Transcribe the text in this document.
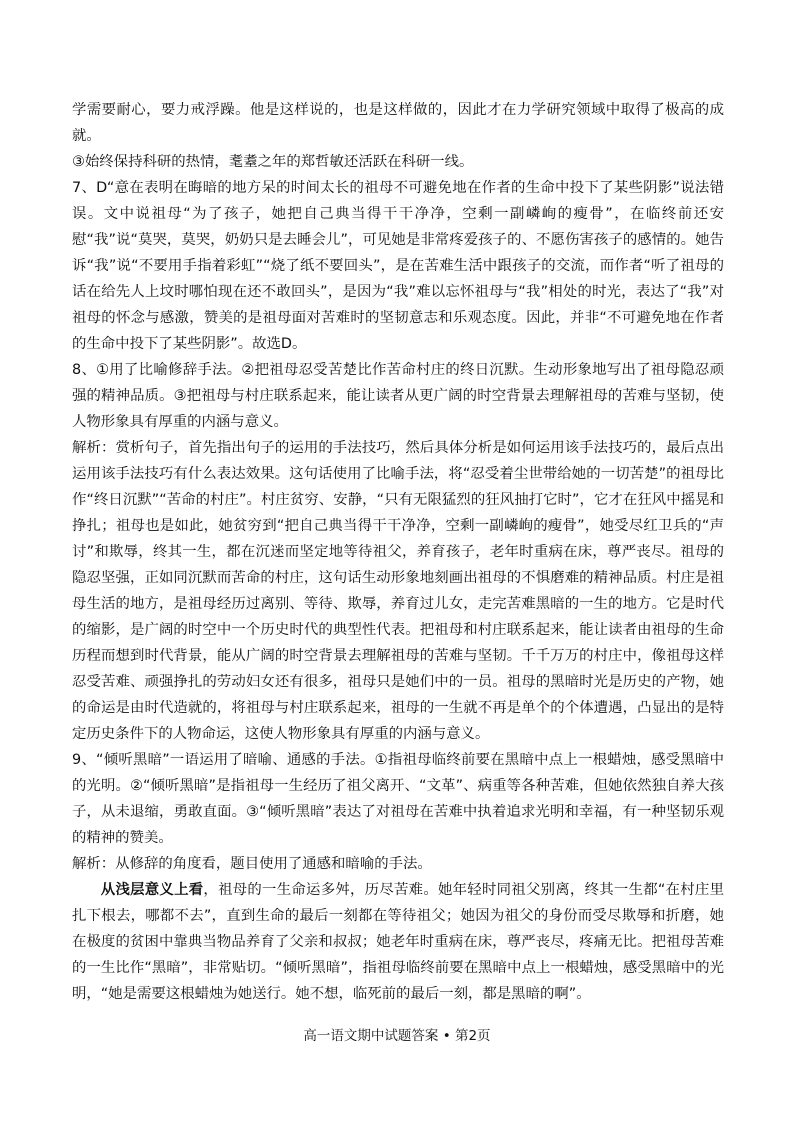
学需要耐心，要力戒浮躁。他是这样说的，也是这样做的，因此才在力学研究领域中取得了极高的成就。

③始终保持科研的热情，耄耋之年的郑哲敏还活跃在科研一线。

7、D“意在表明在晦暗的地方呆的时间太长的祖母不可避免地在作者的生命中投下了某些阴影”说法错误。文中说祖母“为了孩子，她把自己典当得干干净净，空剩一副嶙峋的瘦骨”，在临终前还安慰“我”说“莫哭，莫哭，奶奶只是去睡会儿”，可见她是非常疼爱孩子的、不愿伤害孩子的感情的。她告诉“我”说“不要用手指着彩虹”“烧了纸不要回头”，是在苦难生活中跟孩子的交流，而作者“听了祖母的话在给先人上坟时哪怕现在还不敢回头”，是因为“我”难以忘怀祖母与“我”相处的时光，表达了“我”对祖母的怀念与感激，赞美的是祖母面对苦难时的坚韧意志和乐观态度。因此，并非“不可避免地在作者的生命中投下了某些阴影”。故选D。

8、①用了比喻修辞手法。②把祖母忍受苦楚比作苦命村庄的终日沉默。生动形象地写出了祖母隐忍顽强的精神品质。③把祖母与村庄联系起来，能让读者从更广阔的时空背景去理解祖母的苦难与坚韧，使人物形象具有厚重的内涵与意义。

解析：赏析句子，首先指出句子的运用的手法技巧，然后具体分析是如何运用该手法技巧的，最后点出运用该手法技巧有什么表达效果。这句话使用了比喻手法，将“忍受着尘世带给她的一切苦楚”的祖母比作“终日沉默”“苦命的村庄”。村庄贫穷、安静，“只有无限猛烈的狂风抽打它时”，它才在狂风中摇晃和挣扎；祖母也是如此，她贫穷到“把自己典当得干干净净，空剩一副嶙峋的瘦骨”，她受尽红卫兵的“声讨”和欺辱，终其一生，都在沉迷而坚定地等待祖父，养育孩子，老年时重病在床，尊严丧尽。祖母的隐忍坚强，正如同沉默而苦命的村庄，这句话生动形象地刻画出祖母的不惧磨难的精神品质。村庄是祖母生活的地方，是祖母经历过离别、等待、欺辱，养育过儿女，走完苦难黑暗的一生的地方。它是时代的缩影，是广阔的时空中一个历史时代的典型性代表。把祖母和村庄联系起来，能让读者由祖母的生命历程而想到时代背景，能从广阔的时空背景去理解祖母的苦难与坚韧。千千万万的村庄中，像祖母这样忍受苦难、顽强挣扎的劳动妇女还有很多，祖母只是她们中的一员。祖母的黑暗时光是历史的产物，她的命运是由时代造就的，将祖母与村庄联系起来，祖母的一生就不再是单个的个体遭遇，凸显出的是特定历史条件下的人物命运，这使人物形象具有厚重的内涵与意义。

9、“倾听黑暗”一语运用了暗喻、通感的手法。①指祖母临终前要在黑暗中点上一根蜡烛，感受黑暗中的光明。②“倾听黑暗”是指祖母一生经历了祖父离开、“文革”、病重等各种苦难，但她依然独自养大孩子，从未退缩，勇敢直面。③“倾听黑暗”表达了对祖母在苦难中执着追求光明和幸福，有一种坚韧乐观的精神的赞美。

解析：从修辞的角度看，题目使用了通感和暗喻的手法。

从浅层意义上看，祖母的一生命运多舛，历尽苦难。她年轻时同祖父别离，终其一生都“在村庄里扎下根去，哪都不去”，直到生命的最后一刻都在等待祖父；她因为祖父的身份而受尽欺辱和折磨，她在极度的贫困中靠典当物品养育了父亲和叔叔；她老年时重病在床，尊严丧尽，疼痛无比。把祖母苦难的一生比作“黑暗”，非常贴切。“倾听黑暗”，指祖母临终前要在黑暗中点上一根蜡烛，感受黑暗中的光明，“她是需要这根蜡烛为她送行。她不想，临死前的最后一刻，都是黑暗的啊”。

高一语文期中试题答案 • 第2页
